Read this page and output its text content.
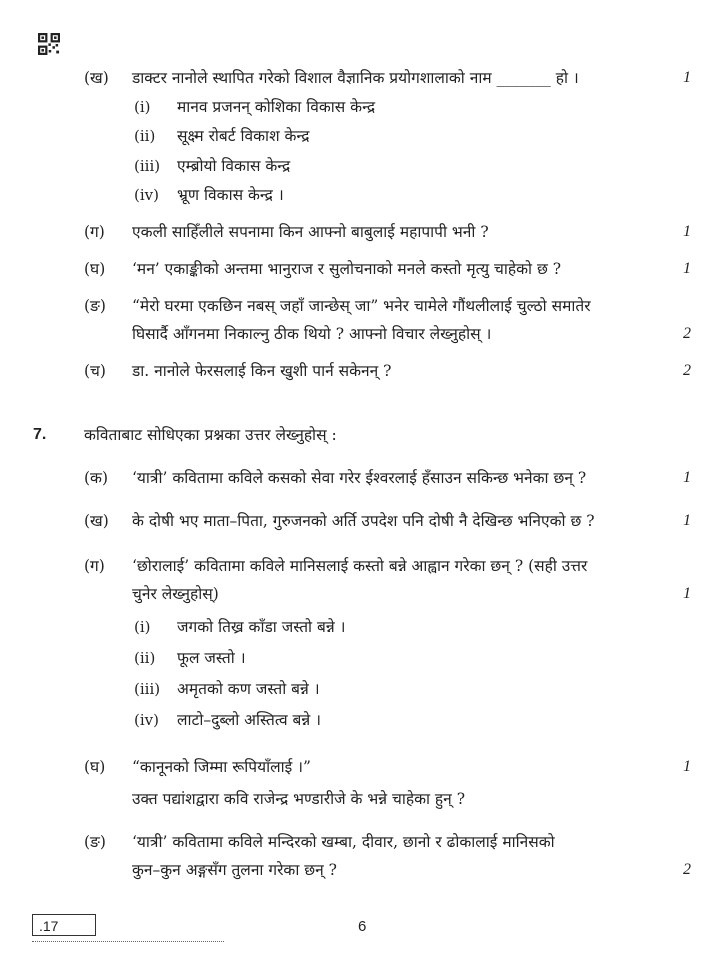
(ख) डाक्टर नानोले स्थापित गरेको विशाल वैज्ञानिक प्रयोगशालाको नाम _______ हो ।	1
(i) मानव प्रजनन् कोशिका विकास केन्द्र
(ii) सूक्ष्म रोबर्ट विकाश केन्द्र
(iii) एम्ब्रोयो विकास केन्द्र
(iv) भ्रूण विकास केन्द्र ।
(ग) एकली साहिँलीले सपनामा किन आफ्नो बाबुलाई महापापी भनी ?	1
(घ) ‘मन’ एकाङ्कीको अन्तमा भानुराज र सुलोचनाको मनले कस्तो मृत्यु चाहेको छ ?	1
(ङ) “मेरो घरमा एकछिन नबस् जहाँ जान्छेस् जा” भनेर चामेले गौंथलीलाई चुल्ठो समातेर
घिसार्दै आँगनमा निकाल्नु ठीक थियो ? आफ्नो विचार लेख्नुहोस् ।	2
(च) डा. नानोले फेरसलाई किन खुशी पार्न सकेनन् ?	2
7. कविताबाट सोधिएका प्रश्नका उत्तर लेख्नुहोस् :
(क) ‘यात्री’ कवितामा कविले कसको सेवा गरेर ईश्वरलाई हँसाउन सकिन्छ भनेका छन् ?	1
(ख) के दोषी भए माता–पिता, गुरुजनको अर्ति उपदेश पनि दोषी नै देखिन्छ भनिएको छ ?	1
(ग) ‘छोरालाई’ कवितामा कविले मानिसलाई कस्तो बन्ने आह्वान गरेका छन् ? (सही उत्तर
चुनेर लेख्नुहोस्)	1
(i) जगको तिख्र काँडा जस्तो बन्ने ।
(ii) फूल जस्तो ।
(iii) अमृतको कण जस्तो बन्ने ।
(iv) लाटो–दुब्लो अस्तित्व बन्ने ।
(घ) “कानूनको जिम्मा रूपियाँलाई ।”	1
उक्त पद्यांशद्वारा कवि राजेन्द्र भण्डारीजे के भन्ने चाहेका हुन् ?
(ङ) ‘यात्री’ कवितामा कविले मन्दिरको खम्बा, दीवार, छानो र ढोकालाई मानिसको
कुन–कुन अङ्गसँग तुलना गरेका छन् ?	2
.17	6
